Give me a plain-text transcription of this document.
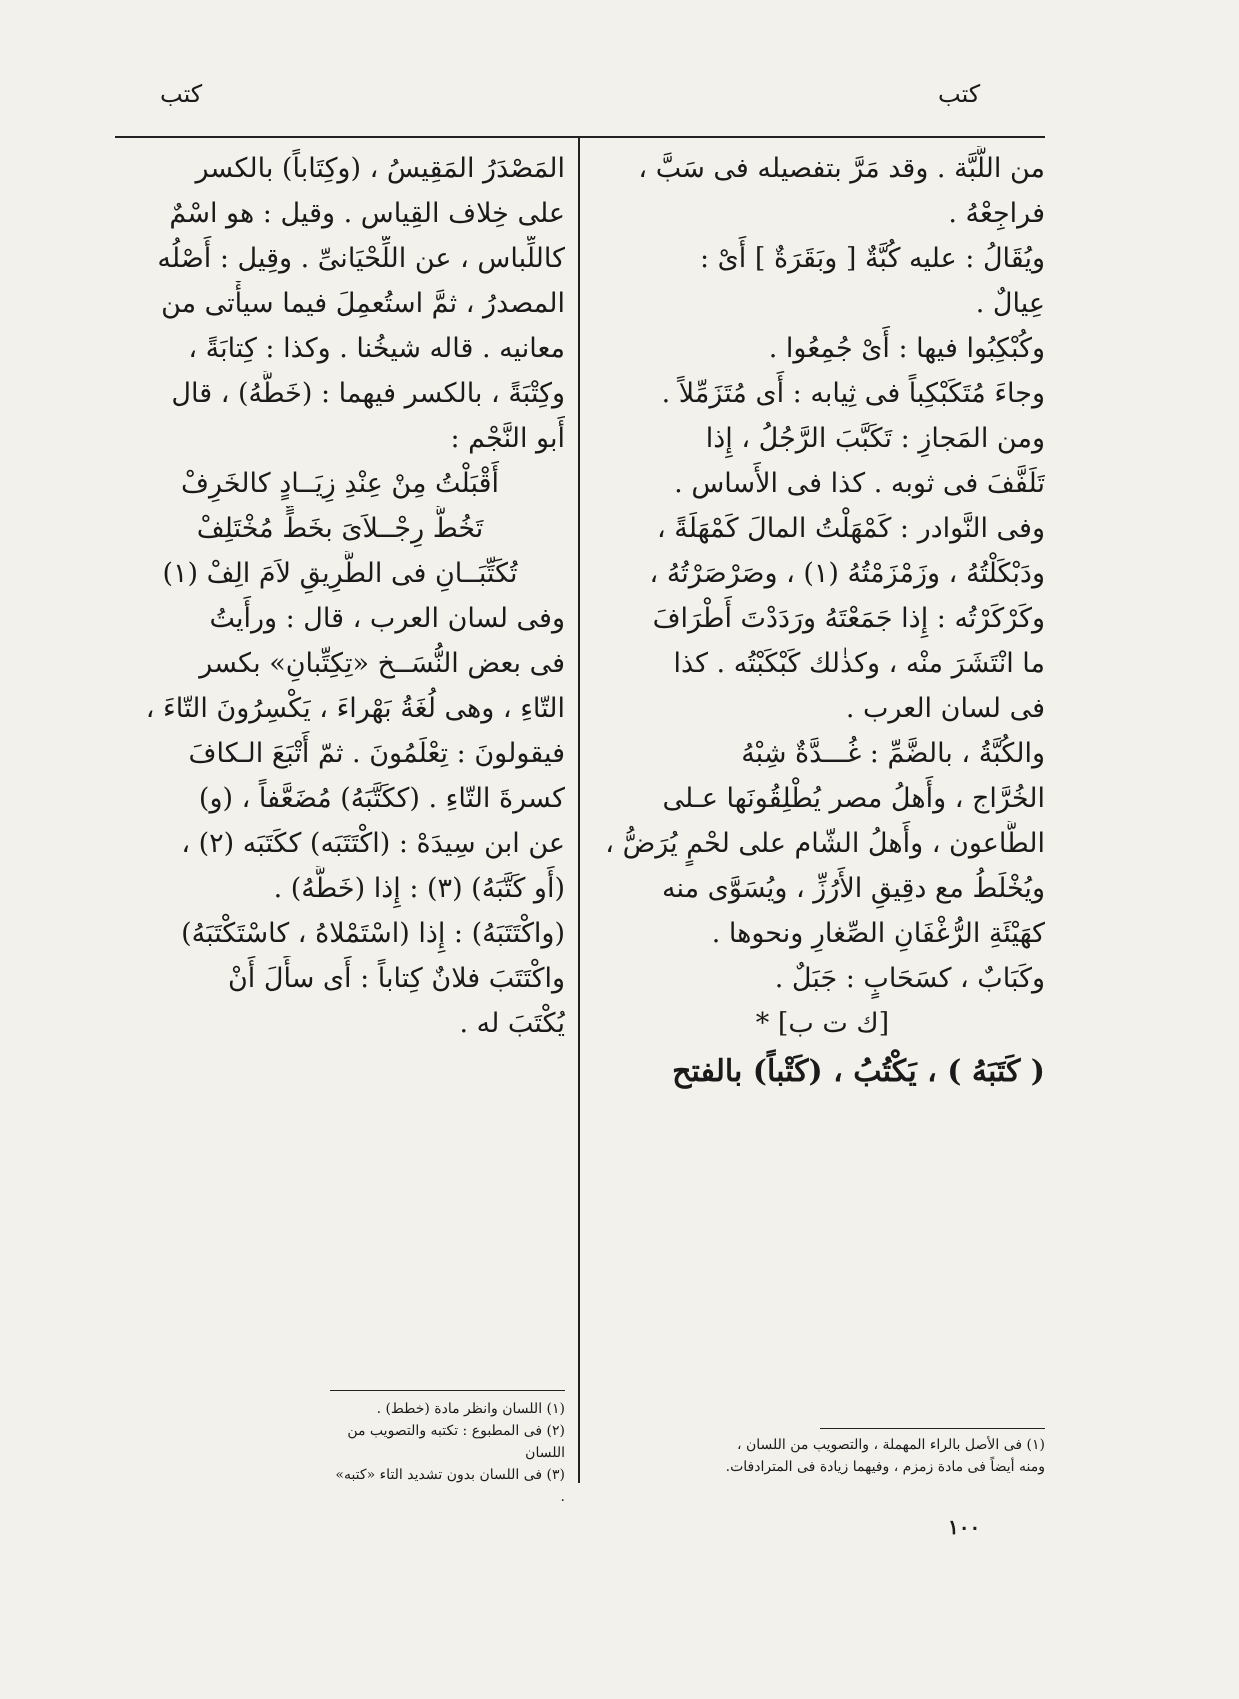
كتب
كتب
من اللَّبَّة . وقد مَرَّ بتفصيله فى سَبَّ ،
فراجِعْهُ .
ويُقَالُ : عليه كُبَّةٌ [ وبَقَرَةٌ ] أَىْ :
عِيالٌ .
وكُبْكِبُوا فيها : أَىْ جُمِعُوا .
وجاءَ مُتَكَبْكِباً فى ثِيابه : أَى مُتَزَمِّلاً .
ومن المَجازِ : تَكَبَّبَ الرَّجُلُ ، إِذا
تَلَفَّفَ فى ثوبه . كذا فى الأَساس .
وفى النَّوادر : كَمْهَلْتُ المالَ كَمْهَلَةً ،
ودَبْكَلْتُهُ ، وزَمْزَمْتُهُ (١) ، وصَرْصَرْتُهُ ،
وكَرْكَرْتُه : إِذا جَمَعْتَهُ ورَدَدْتَ أَطْرَافَ
ما انْتَشَرَ منْه ، وكذٰلك كَبْكَبْتُه . كذا
فى لسان العرب .
والكُبَّةُ ، بالضَّمِّ : غُـــدَّةٌ شِبْهُ
الخُرَّاج ، وأَهلُ مصر يُطْلِقُونَها عـلى
الطَّاعون ، وأَهلُ الشّام على لحْمٍ يُرَضُّ ،
ويُخْلَطُ مع دقِيقِ الأَرُزِّ ، ويُسَوَّى منه
كهَيْئَةِ الرُّغْفَانِ الصِّغارِ ونحوها .
وكَبَابٌ ، كسَحَابٍ : جَبَلٌ .
[ك ت ب] *
( كَتَبَهُ ) ، يَكْتُبُ ، (كَتْباً) بالفتح
المَصْدَرُ المَقِيسُ ، (وكِتَاباً) بالكسر
على خِلاف القِياس . وقيل : هو اسْمٌ
كاللِّباس ، عن اللِّحْيَانىِّ . وقِيل : أَصْلُه
المصدرُ ، ثمَّ استُعمِلَ فيما سيأْتى من
معانيه . قاله شيخُنا . وكذا : كِتابَةً ،
وكِتْبَةً ، بالكسر فيهما : (خَطَّهُ) ، قال
أَبو النَّجْم :
أَقْبَلْتُ مِنْ عِنْدِ زِيَــادٍ كالخَرِفْ
تَخُطُّ رِجْــلاَىَ بخَطٍّ مُخْتَلِفْ
تُكَتِّبَــانِ فى الطَّرِيقِ لاَمَ الِفْ (١)
وفى لسان العرب ، قال : ورأَيتُ
فى بعض النُّسَــخ «تِكِتِّبانِ» بكسر
التّاءِ ، وهى لُغَةُ بَهْراءَ ، يَكْسِرُونَ التّاءَ ،
فيقولونَ : تِعْلَمُونَ . ثمّ أَتْبَعَ الـكافَ
كسرةَ التّاءِ . (ككَتَّبَهُ) مُضَعَّفاً ، (و)
عن ابن سِيدَهْ : (اكْتَتَبَه) ككَتَبَه (٢) ،
(أَو كَتَّبَهُ) (٣) : إِذا (خَطَّهُ) .
(واكْتَتَبَهُ) : إِذا (اسْتَمْلاهُ ، كاسْتَكْتَبَهُ)
واكْتَتَبَ فلانٌ كِتاباً : أَى سأَلَ أَنْ
يُكْتَبَ له .
(١) فى الأصل بالراء المهملة ، والتصويب من اللسان ،
ومنه أيضاً فى مادة زمزم ، وفيهما زيادة فى المترادفات.
(١) اللسان وانظر مادة (خطط) .
(٢) فى المطبوع : تكتبه والتصويب من اللسان
(٣) فى اللسان بدون تشديد التاء «كتبه» .
١٠٠
